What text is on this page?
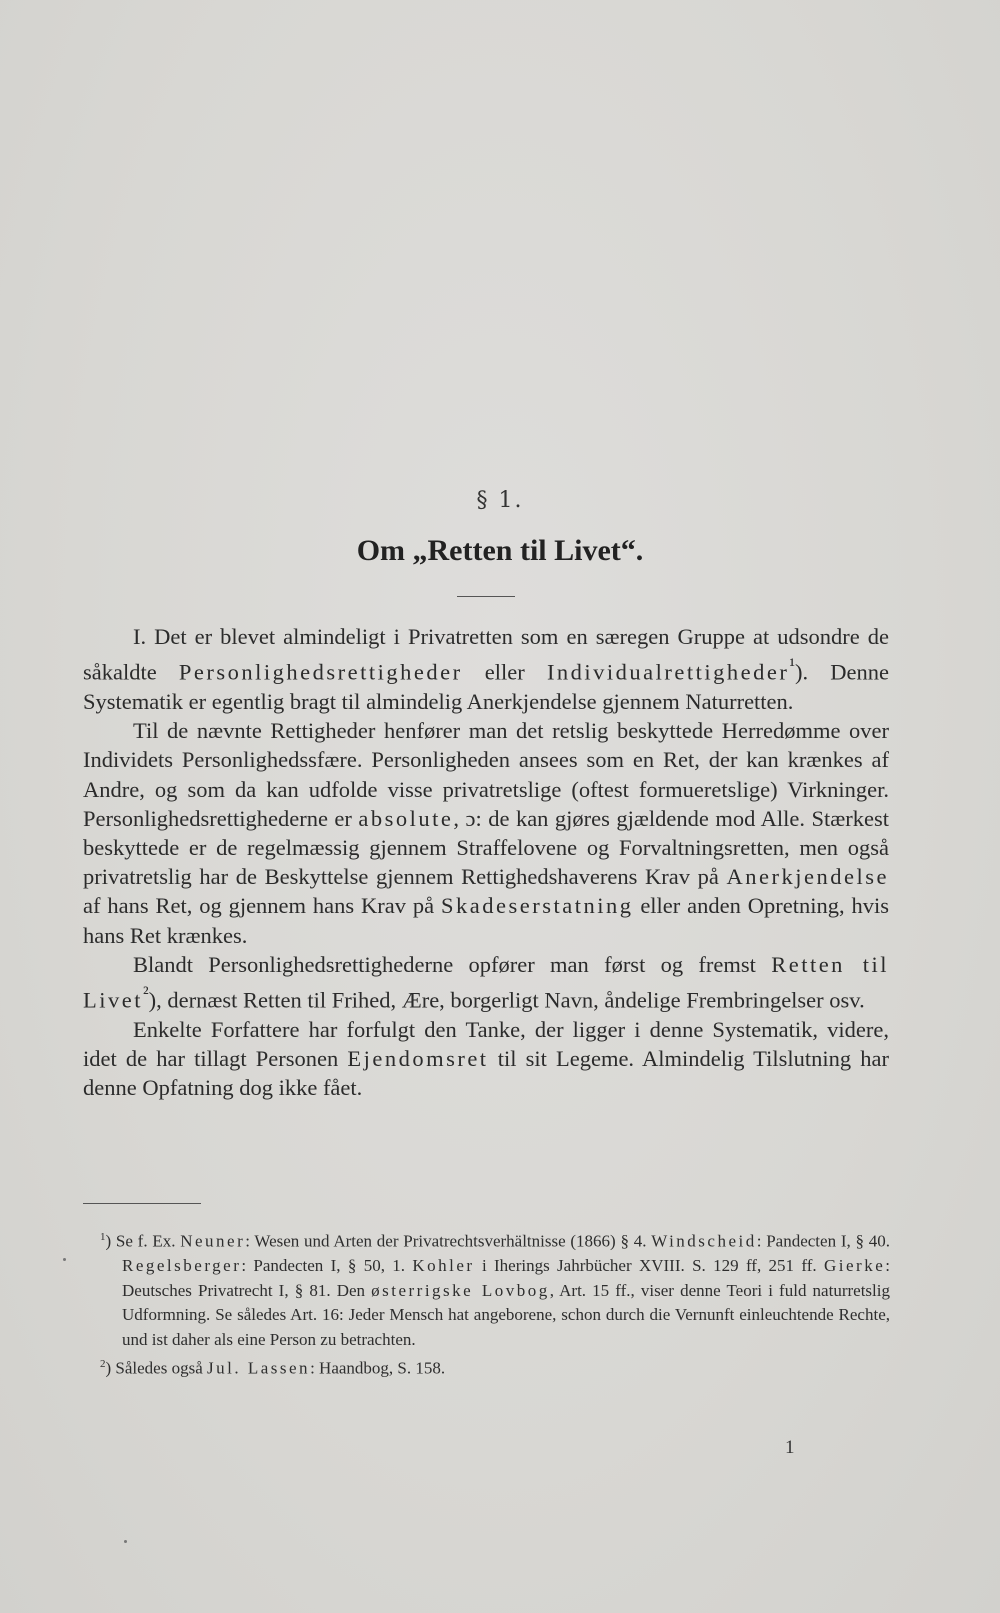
§ 1.
Om „Retten til Livet“.

I. Det er blevet almindeligt i Privatretten som en særegen Gruppe at udsondre de såkaldte Personlighedsrettigheder eller Individualrettigheder$^{^1}$). Denne Systematik er egentlig bragt til almindelig Anerkjendelse gjennem Naturretten.

Til de nævnte Rettigheder henfører man det retslig beskyttede Herredømme over Individets Personlighedssfære. Personligheden ansees som en Ret, der kan krænkes af Andre, og som da kan udfolde visse privatretslige (oftest formueretslige) Virkninger. Personlighedsrettighederne er absolute, ɔ: de kan gjøres gjældende mod Alle. Stærkest beskyttede er de regelmæssig gjennem Straffelovene og Forvaltningsretten, men også privatretslig har de Beskyttelse gjennem Rettighedshaverens Krav på Anerkjendelse af hans Ret, og gjennem hans Krav på Skadeserstatning eller anden Opretning, hvis hans Ret krænkes.

Blandt Personlighedsrettighederne opfører man først og fremst Retten til Livet$^{^2}$), dernæst Retten til Frihed, Ære, borgerligt Navn, åndelige Frembringelser osv.

Enkelte Forfattere har forfulgt den Tanke, der ligger i denne Systematik, videre, idet de har tillagt Personen Ejendomsret til sit Legeme. Almindelig Tilslutning har denne Opfatning dog ikke fået.

$^1$) Se f. Ex. Neuner: Wesen und Arten der Privatrechtsverhältnisse (1866) § 4. Windscheid: Pandecten I, § 40. Regelsberger: Pandecten I, § 50, 1. Kohler i Iherings Jahrbücher XVIII. S. 129 ff, 251 ff. Gierke: Deutsches Privatrecht I, § 81. Den østerrigske Lovbog, Art. 15 ff., viser denne Teori i fuld naturretslig Udformning. Se således Art. 16: Jeder Mensch hat angeborene, schon durch die Vernunft einleuchtende Rechte, und ist daher als eine Person zu betrachten.

$^2$) Således også Jul. Lassen: Haandbog, S. 158.

1
